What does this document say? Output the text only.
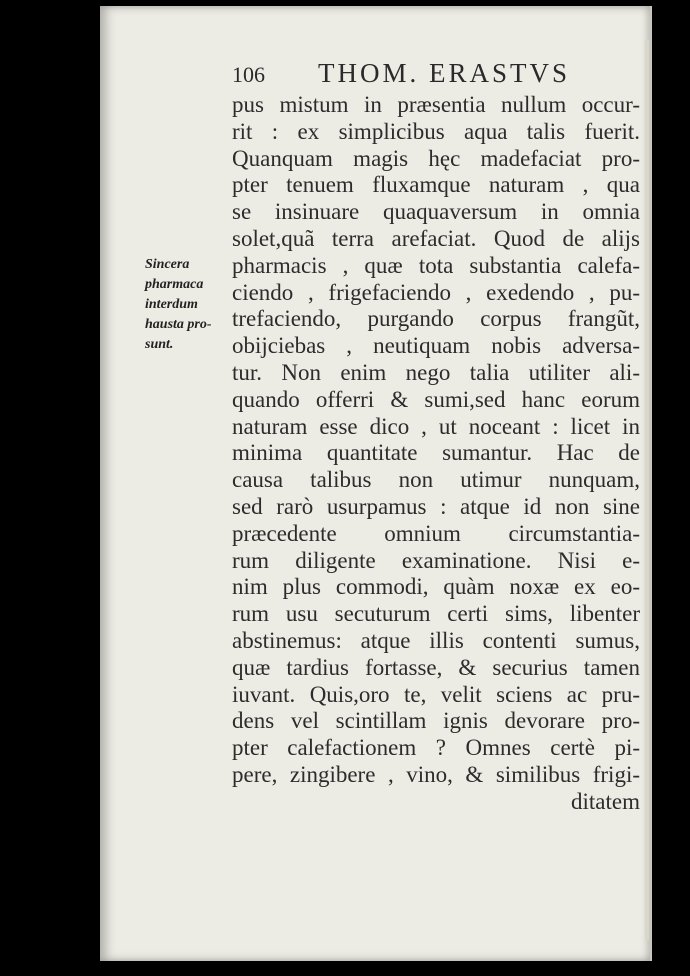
106 THOM. ERASTVS
Sincera
pharmaca
interdum
hausta pro-
sunt.
pus mistum in præsentia nullum occur-
rit : ex simplicibus aqua talis fuerit.
Quanquam magis hęc madefaciat pro-
pter tenuem fluxamque naturam , qua
se insinuare quaquaversum in omnia
solet,quã terra arefaciat. Quod de alijs
pharmacis , quæ tota substantia calefa-
ciendo , frigefaciendo , exedendo , pu-
trefaciendo, purgando corpus frangũt,
obijciebas , neutiquam nobis adversa-
tur. Non enim nego talia utiliter ali-
quando offerri & sumi,sed hanc eorum
naturam esse dico , ut noceant : licet in
minima quantitate sumantur. Hac de
causa talibus non utimur nunquam,
sed rarò usurpamus : atque id non sine
præcedente omnium circumstantia-
rum diligente examinatione. Nisi e-
nim plus commodi, quàm noxæ ex eo-
rum usu secuturum certi sims, libenter
abstinemus: atque illis contenti sumus,
quæ tardius fortasse, & securius tamen
iuvant. Quis,oro te, velit sciens ac pru-
dens vel scintillam ignis devorare pro-
pter calefactionem ? Omnes certè pi-
pere, zingibere , vino, & similibus frigi-
ditatem
